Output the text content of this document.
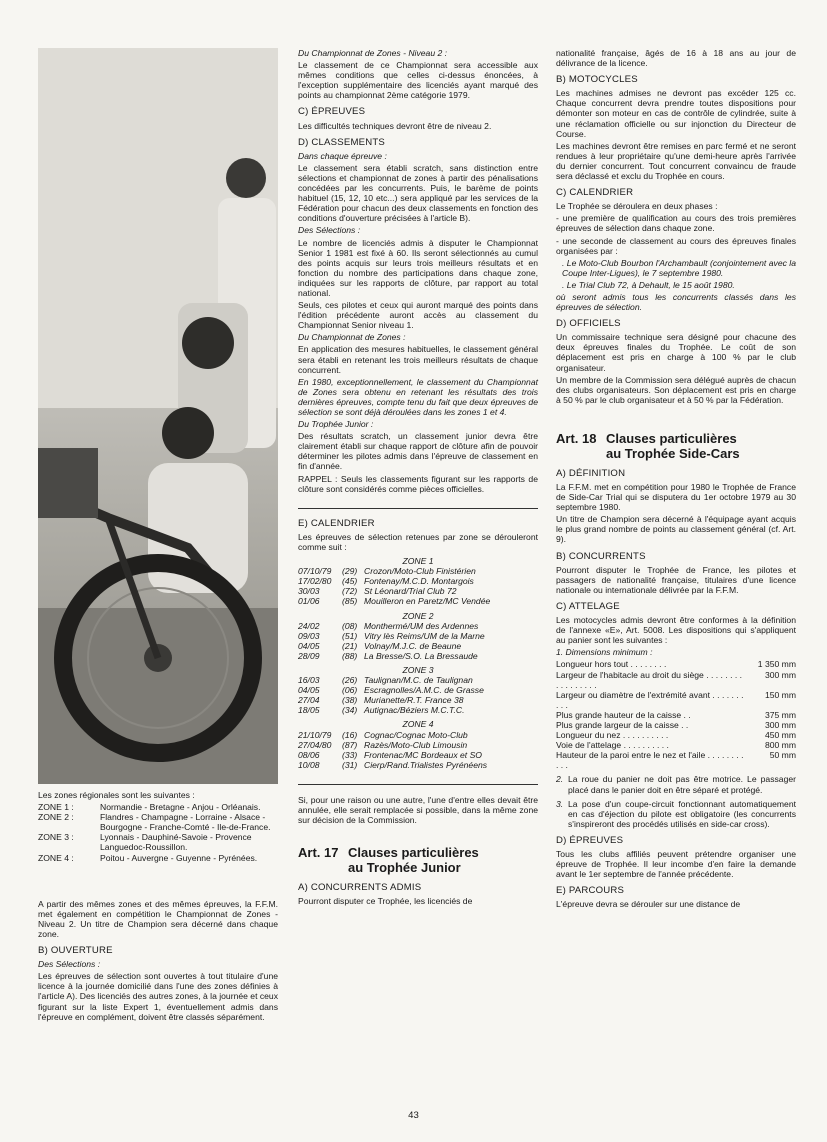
Les zones régionales sont les suivantes :

ZONE 1 :	Normandie - Bretagne - Anjou - Orléanais.
ZONE 2 :	Flandres - Champagne - Lorraine - Alsace - Bourgogne - Franche-Comté - Ile-de-France.
ZONE 3 :	Lyonnais - Dauphiné-Savoie - Provence Languedoc-Roussillon.
ZONE 4 :	Poitou - Auvergne - Guyenne - Pyrénées.

A partir des mêmes zones et des mêmes épreuves, la F.F.M. met également en compétition le Championnat de Zones - Niveau 2. Un titre de Champion sera décerné dans chaque zone.

B) OUVERTURE

Des Sélections :

Les épreuves de sélection sont ouvertes à tout titulaire d'une licence à la journée domicilié dans l'une des zones définies à l'article A). Des licenciés des autres zones, à la journée et ceux figurant sur la liste Expert 1, éventuellement admis dans l'épreuve en complément, doivent être classés séparément.

Du Championnat de Zones - Niveau 2 :

Le classement de ce Championnat sera accessible aux mêmes conditions que celles ci-dessus énoncées, à l'exception supplémentaire des licenciés ayant marqué des points au championnat 2ème catégorie 1979.

C) ÉPREUVES

Les difficultés techniques devront être de niveau 2.

D) CLASSEMENTS

Dans chaque épreuve :

Le classement sera établi scratch, sans distinction entre sélections et championnat de zones à partir des pénalisations concédées par les concurrents. Puis, le barème de points habituel (15, 12, 10 etc...) sera appliqué par les services de la Fédération pour chacun des deux classements en fonction des conditions d'ouverture précisées à l'article B).

Des Sélections :

Le nombre de licenciés admis à disputer le Championnat Senior 1 1981 est fixé à 60. Ils seront sélectionnés au cumul des points acquis sur leurs trois meilleurs résultats et en fonction du nombre des participations dans chaque zone, indiquées sur les rapports de clôture, par rapport au total national.

Seuls, ces pilotes et ceux qui auront marqué des points dans l'édition précédente auront accès au classement du Championnat Senior niveau 1.

Du Championnat de Zones :

En application des mesures habituelles, le classement général sera établi en retenant les trois meilleurs résultats de chaque concurrent.

En 1980, exceptionnellement, le classement du Championnat de Zones sera obtenu en retenant les résultats des trois dernières épreuves, compte tenu du fait que deux épreuves de sélection se sont déjà déroulées dans les zones 1 et 4.

Du Trophée Junior :

Des résultats scratch, un classement junior devra être clairement établi sur chaque rapport de clôture afin de pouvoir déterminer les pilotes admis dans l'épreuve de classement en fin d'année.

RAPPEL : Seuls les classements figurant sur les rapports de clôture sont considérés comme pièces officielles.

E) CALENDRIER

Les épreuves de sélection retenues par zone se dérouleront comme suit :

ZONE 1
07/10/79	(29) Crozon/Moto-Club Finistérien
17/02/80	(45) Fontenay/M.C.D. Montargois
30/03	(72) St Léonard/Trial Club 72
01/06	(85) Mouilleron en Paretz/MC Vendée
ZONE 2
24/02	(08) Monthermé/UM des Ardennes
09/03	(51) Vitry lès Reims/UM de la Marne
04/05	(21) Volnay/M.J.C. de Beaune
28/09	(88) La Bresse/S.O. La Bressaude
ZONE 3
16/03	(26) Taulignan/M.C. de Taulignan
04/05	(06) Escragnolles/A.M.C. de Grasse
27/04	(38) Murianette/R.T. France 38
18/05	(34) Autignac/Béziers M.C.T.C.
ZONE 4
21/10/79	(16) Cognac/Cognac Moto-Club
27/04/80	(87) Razès/Moto-Club Limousin
08/06	(33) Frontenac/MC Bordeaux et SO
10/08	(31) Cierp/Rand.Trialistes Pyrénéens

Si, pour une raison ou une autre, l'une d'entre elles devait être annulée, elle serait remplacée si possible, dans la même zone sur décision de la Commission.

Art. 17 Clauses particulières
au Trophée Junior
A) CONCURRENTS ADMIS

Pourront disputer ce Trophée, les licenciés de

nationalité française, âgés de 16 à 18 ans au jour de délivrance de la licence.

B) MOTOCYCLES

Les machines admises ne devront pas excéder 125 cc. Chaque concurrent devra prendre toutes dispositions pour démonter son moteur en cas de contrôle de cylindrée, suite à une réclamation officielle ou sur injonction du Directeur de Course.

Les machines devront être remises en parc fermé et ne seront rendues à leur propriétaire qu'une demi-heure après l'arrivée du dernier concurrent. Tout concurrent convaincu de fraude sera déclassé et exclu du Trophée en cours.

C) CALENDRIER

Le Trophée se déroulera en deux phases :

- une première de qualification au cours des trois premières épreuves de sélection dans chaque zone.

- une seconde de classement au cours des épreuves finales organisées par :

. Le Moto-Club Bourbon l'Archambault (conjointement avec la Coupe Inter-Ligues), le 7 septembre 1980.

. Le Trial Club 72, à Dehault, le 15 août 1980.

où seront admis tous les concurrents classés dans les épreuves de sélection.

D) OFFICIELS

Un commissaire technique sera désigné pour chacune des deux épreuves finales du Trophée. Le coût de son déplacement est pris en charge à 100 % par le club organisateur.

Un membre de la Commission sera délégué auprès de chacun des clubs organisateurs. Son déplacement est pris en charge à 50 % par le club organisateur et à 50 % par la Fédération.

Art. 18 Clauses particulières
au Trophée Side-Cars
A) DÉFINITION

La F.F.M. met en compétition pour 1980 le Trophée de France de Side-Car Trial qui se disputera du 1er octobre 1979 au 30 septembre 1980.

Un titre de Champion sera décerné à l'équipage ayant acquis le plus grand nombre de points au classement général (cf. Art. 9).

B) CONCURRENTS

Pourront disputer le Trophée de France, les pilotes et passagers de nationalité française, titulaires d'une licence nationale ou internationale délivrée par la F.F.M.

C) ATTELAGE

Les motocycles admis devront être conformes à la définition de l'annexe «E», Art. 5008. Les dispositions qui s'appliquent au panier sont les suivantes :

1. Dimensions minimum :

Longueur hors tout . . . . . . . .	1 350 mm
Largeur de l'habitacle au droit du siège . . . . . . . . . . . . . . . . .
300 mm
Largeur ou diamètre de l'extrémité avant . . . . . . . . . .
150 mm
Plus grande hauteur de la caisse . .	375 mm
Plus grande largeur de la caisse . .	300 mm
Longueur du nez . . . . . . . . . .	450 mm
Voie de l'attelage . . . . . . . . . .	800 mm
Hauteur de la paroi entre le nez et l'aile . . . . . . . . . . .
50 mm
2. La roue du panier ne doit pas être motrice. Le passager placé dans le panier doit en être séparé et protégé.
3. La pose d'un coupe-circuit fonctionnant automatiquement en cas d'éjection du pilote est obligatoire (les concurrents s'inspireront des procédés utilisés en side-car cross).
D) ÉPREUVES

Tous les clubs affiliés peuvent prétendre organiser une épreuve de Trophée. Il leur incombe d'en faire la demande avant le 1er septembre de l'année précédente.

E) PARCOURS

L'épreuve devra se dérouler sur une distance de

43
